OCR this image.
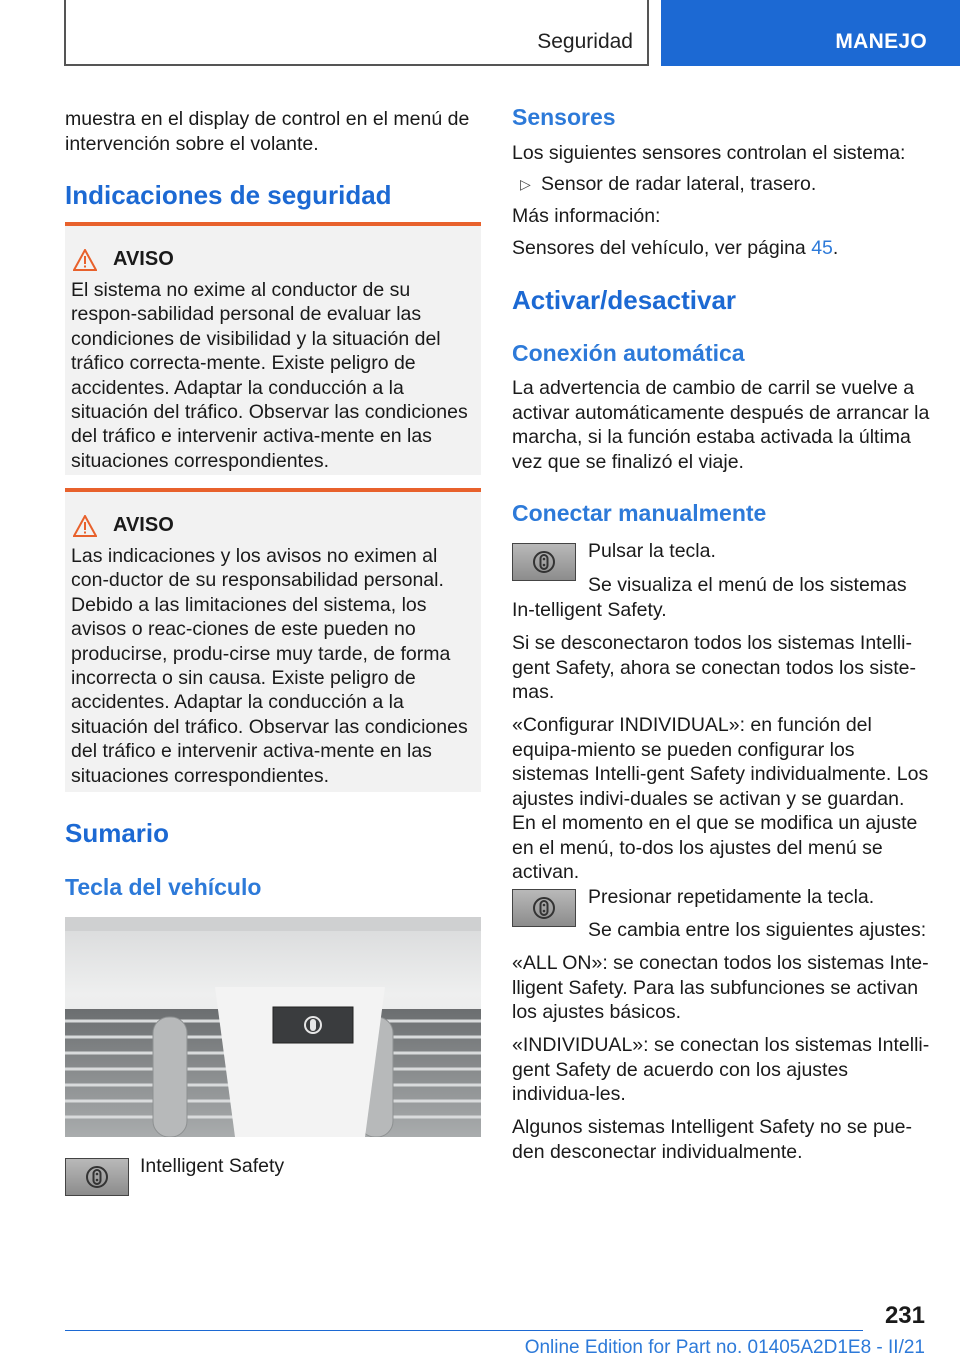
Seguridad	MANEJO

muestra en el display de control en el menú de intervención sobre el volante.

Indicaciones de seguridad
AVISO

El sistema no exime al conductor de su respon-sabilidad personal de evaluar las condiciones de visibilidad y la situación del tráfico correcta-mente. Existe peligro de accidentes. Adaptar la conducción a la situación del tráfico. Observar las condiciones del tráfico e intervenir activa-mente en las situaciones correspondientes.

AVISO

Las indicaciones y los avisos no eximen al con-ductor de su responsabilidad personal. Debido a las limitaciones del sistema, los avisos o reac-ciones de este pueden no producirse, produ-cirse muy tarde, de forma incorrecta o sin causa. Existe peligro de accidentes. Adaptar la conducción a la situación del tráfico. Observar las condiciones del tráfico e intervenir activa-mente en las situaciones correspondientes.

Sumario
Tecla del vehículo

Intelligent Safety

Sensores

Los siguientes sensores controlan el sistema:

▷ Sensor de radar lateral, trasero.

Más información:

Sensores del vehículo, ver página 45.

Activar/desactivar
Conexión automática

La advertencia de cambio de carril se vuelve a activar automáticamente después de arrancar la marcha, si la función estaba activada la última vez que se finalizó el viaje.

Conectar manualmente

Pulsar la tecla.

Se visualiza el menú de los sistemas In-telligent Safety.

Si se desconectaron todos los sistemas Intelli-gent Safety, ahora se conectan todos los siste-mas.

«Configurar INDIVIDUAL»: en función del equipa-miento se pueden configurar los sistemas Intelli-gent Safety individualmente. Los ajustes indivi-duales se activan y se guardan. En el momento en el que se modifica un ajuste en el menú, to-dos los ajustes del menú se activan.

Presionar repetidamente la tecla.

Se cambia entre los siguientes ajustes:

«ALL ON»: se conectan todos los sistemas Inte-lligent Safety. Para las subfunciones se activan los ajustes básicos.

«INDIVIDUAL»: se conectan los sistemas Intelli-gent Safety de acuerdo con los ajustes individua-les.

Algunos sistemas Intelligent Safety no se pue-den desconectar individualmente.

231
Online Edition for Part no. 01405A2D1E8 - II/21
